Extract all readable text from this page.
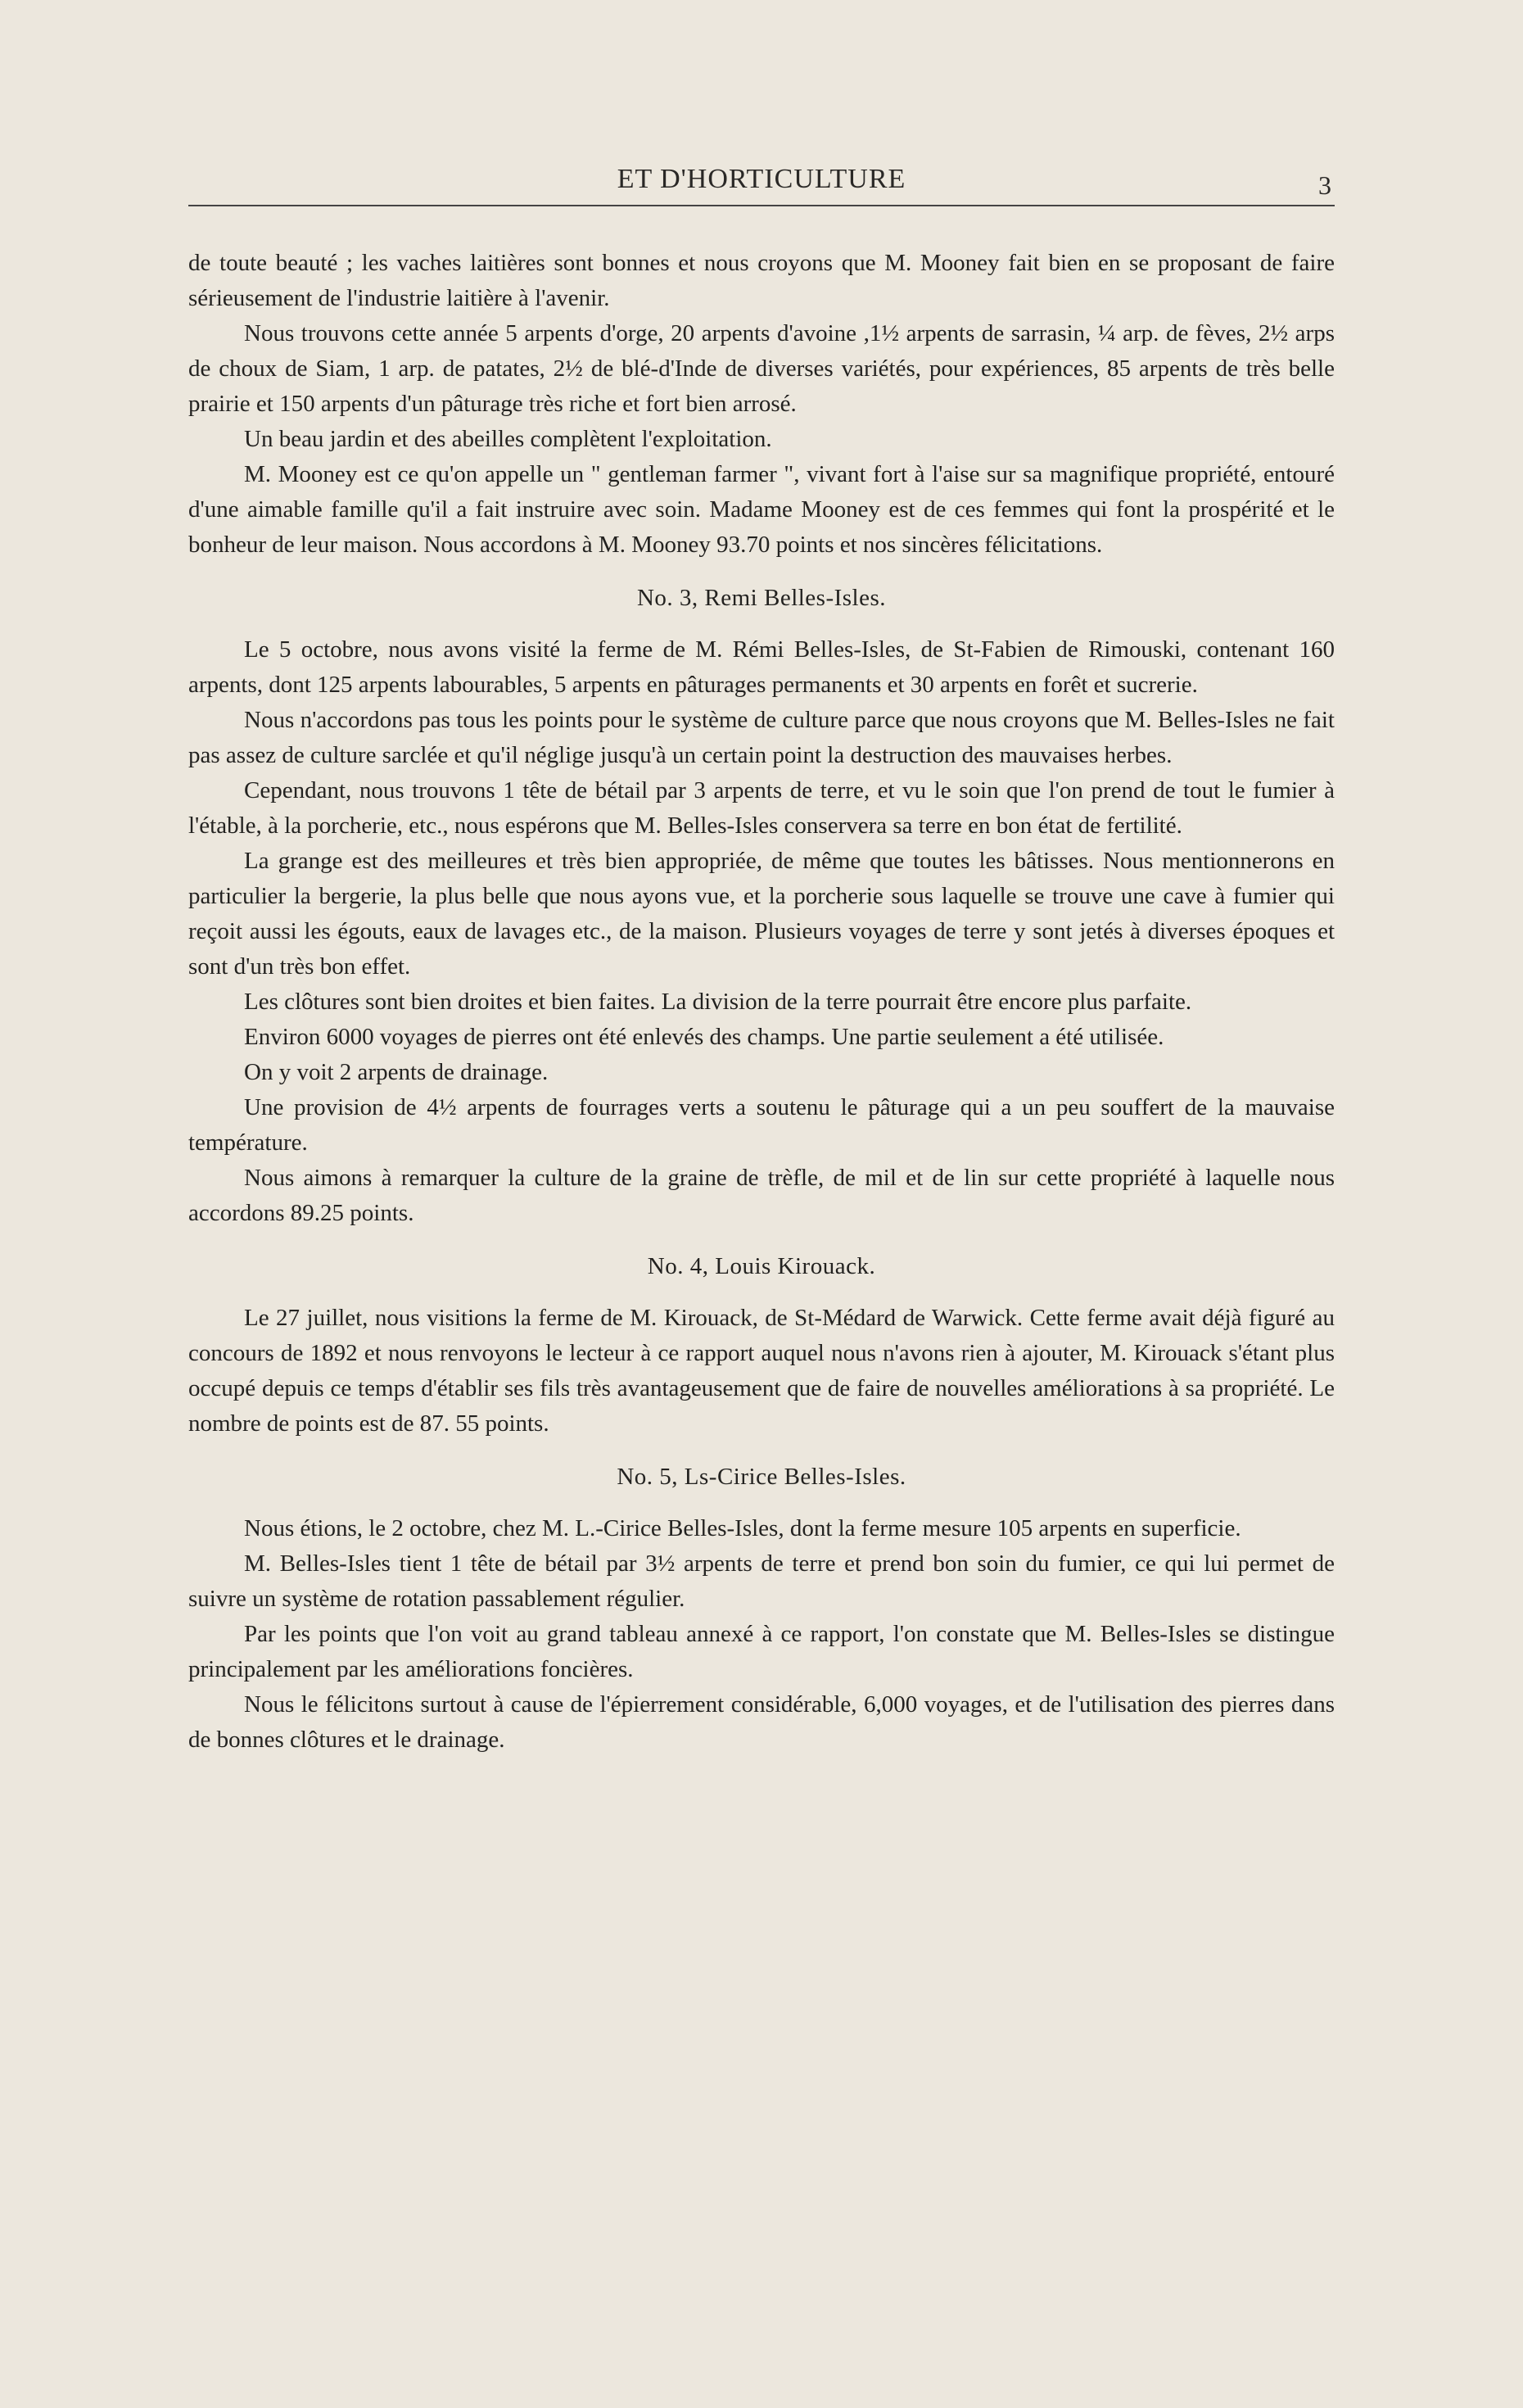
ET D'HORTICULTURE	3

de toute beauté ; les vaches laitières sont bonnes et nous croyons que M. Mooney fait bien en se proposant de faire sérieusement de l'industrie laitière à l'avenir.

Nous trouvons cette année 5 arpents d'orge, 20 arpents d'avoine ,1½ arpents de sarrasin, ¼ arp. de fèves, 2½ arps de choux de Siam, 1 arp. de patates, 2½ de blé-d'Inde de diverses variétés, pour expériences, 85 arpents de très belle prairie et 150 arpents d'un pâturage très riche et fort bien arrosé.

Un beau jardin et des abeilles complètent l'exploitation.

M. Mooney est ce qu'on appelle un " gentleman farmer ", vivant fort à l'aise sur sa magnifique propriété, entouré d'une aimable famille qu'il a fait instruire avec soin. Madame Mooney est de ces femmes qui font la prospérité et le bonheur de leur maison. Nous accordons à M. Mooney 93.70 points et nos sincères félicitations.

No. 3, Remi Belles-Isles.

Le 5 octobre, nous avons visité la ferme de M. Rémi Belles-Isles, de St-Fabien de Rimouski, contenant 160 arpents, dont 125 arpents labourables, 5 arpents en pâturages permanents et 30 arpents en forêt et sucrerie.

Nous n'accordons pas tous les points pour le système de culture parce que nous croyons que M. Belles-Isles ne fait pas assez de culture sarclée et qu'il néglige jusqu'à un certain point la destruction des mauvaises herbes.

Cependant, nous trouvons 1 tête de bétail par 3 arpents de terre, et vu le soin que l'on prend de tout le fumier à l'étable, à la porcherie, etc., nous espérons que M. Belles-Isles conservera sa terre en bon état de fertilité.

La grange est des meilleures et très bien appropriée, de même que toutes les bâtisses. Nous mentionnerons en particulier la bergerie, la plus belle que nous ayons vue, et la porcherie sous laquelle se trouve une cave à fumier qui reçoit aussi les égouts, eaux de lavages etc., de la maison. Plusieurs voyages de terre y sont jetés à diverses époques et sont d'un très bon effet.

Les clôtures sont bien droites et bien faites. La division de la terre pourrait être encore plus parfaite.

Environ 6000 voyages de pierres ont été enlevés des champs. Une partie seulement a été utilisée.

On y voit 2 arpents de drainage.

Une provision de 4½ arpents de fourrages verts a soutenu le pâturage qui a un peu souffert de la mauvaise température.

Nous aimons à remarquer la culture de la graine de trèfle, de mil et de lin sur cette propriété à laquelle nous accordons 89.25 points.

No. 4, Louis Kirouack.

Le 27 juillet, nous visitions la ferme de M. Kirouack, de St-Médard de Warwick. Cette ferme avait déjà figuré au concours de 1892 et nous renvoyons le lecteur à ce rapport auquel nous n'avons rien à ajouter, M. Kirouack s'étant plus occupé depuis ce temps d'établir ses fils très avantageusement que de faire de nouvelles améliorations à sa propriété. Le nombre de points est de 87. 55 points.

No. 5, Ls-Cirice Belles-Isles.

Nous étions, le 2 octobre, chez M. L.-Cirice Belles-Isles, dont la ferme mesure 105 arpents en superficie.

M. Belles-Isles tient 1 tête de bétail par 3½ arpents de terre et prend bon soin du fumier, ce qui lui permet de suivre un système de rotation passablement régulier.

Par les points que l'on voit au grand tableau annexé à ce rapport, l'on constate que M. Belles-Isles se distingue principalement par les améliorations foncières.

Nous le félicitons surtout à cause de l'épierrement considérable, 6,000 voyages, et de l'utilisation des pierres dans de bonnes clôtures et le drainage.
